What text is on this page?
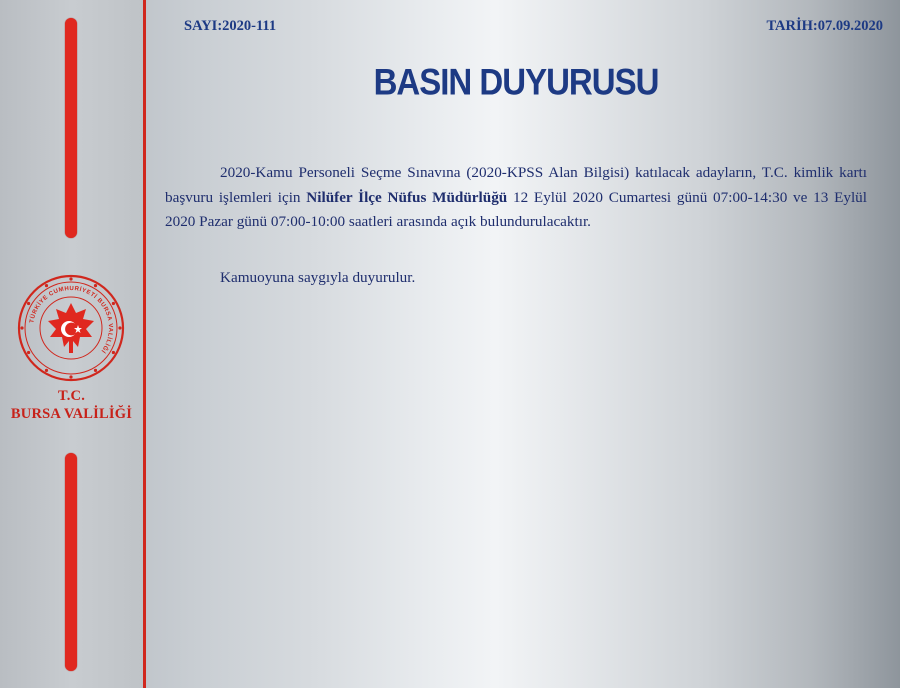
TÜRKİYE CUMHURİYETİ BURSA VALİLİĞİ
T.C.
BURSA VALİLİĞİ
SAYI:2020-111	TARİH:07.09.2020
BASIN DUYURUSU

2020-Kamu Personeli Seçme Sınavına (2020-KPSS Alan Bilgisi) katılacak adayların, T.C. kimlik kartı başvuru işlemleri için Nilüfer İlçe Nüfus Müdürlüğü 12 Eylül 2020 Cumartesi günü 07:00-14:30 ve 13 Eylül 2020 Pazar günü 07:00-10:00 saatleri arasında açık bulundurulacaktır.

Kamuoyuna saygıyla duyurulur.
